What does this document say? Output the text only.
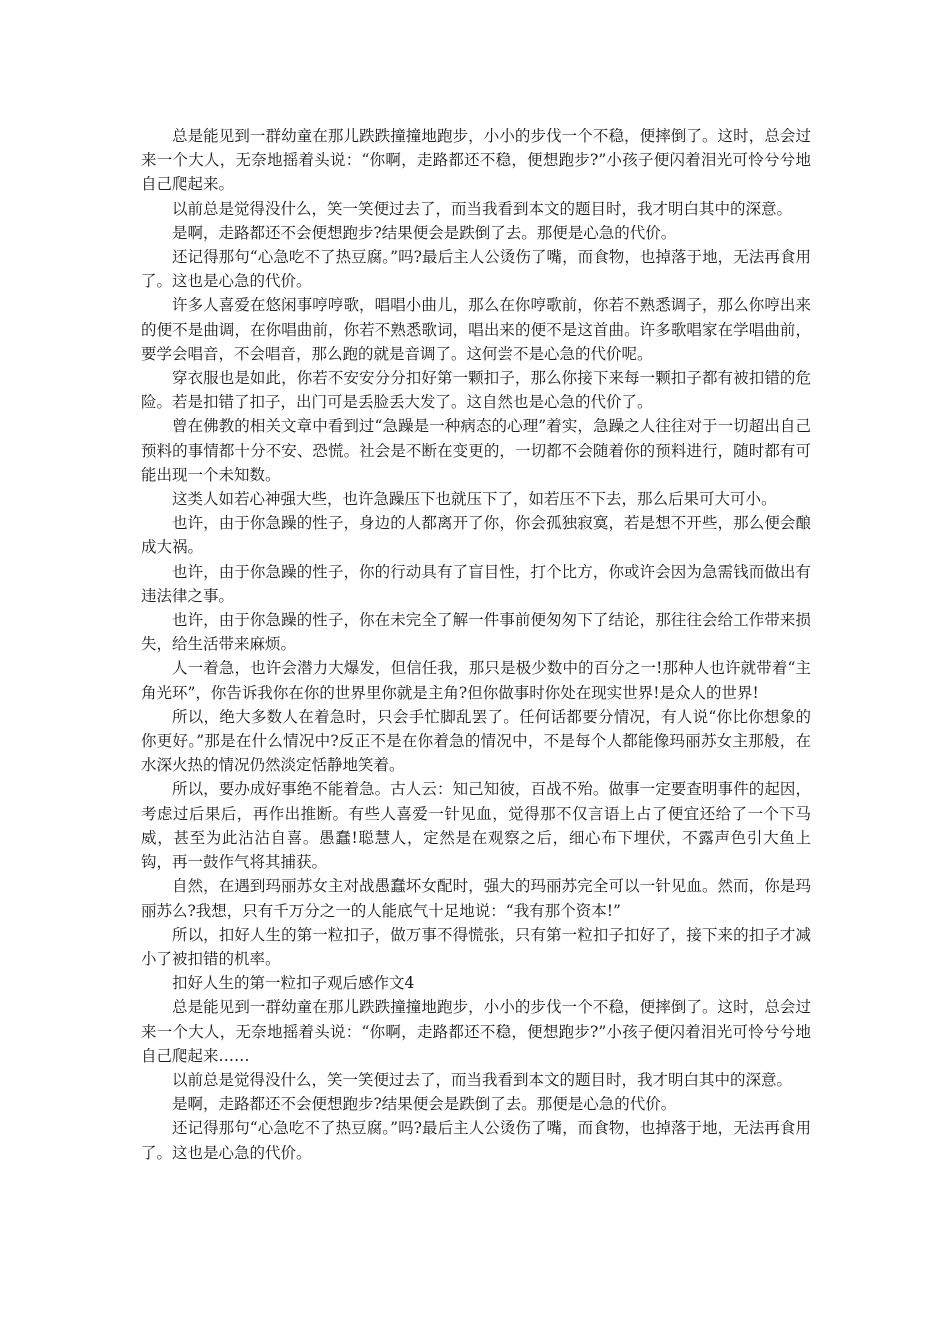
总是能见到一群幼童在那儿跌跌撞撞地跑步，小小的步伐一个不稳，便摔倒了。这时，总会过来一个大人，无奈地摇着头说：“你啊，走路都还不稳，便想跑步?”小孩子便闪着泪光可怜兮兮地自己爬起来。

以前总是觉得没什么，笑一笑便过去了，而当我看到本文的题目时，我才明白其中的深意。

是啊，走路都还不会便想跑步?结果便会是跌倒了去。那便是心急的代价。

还记得那句“心急吃不了热豆腐。”吗?最后主人公烫伤了嘴，而食物，也掉落于地，无法再食用了。这也是心急的代价。

许多人喜爱在悠闲事哼哼歌，唱唱小曲儿，那么在你哼歌前，你若不熟悉调子，那么你哼出来的便不是曲调，在你唱曲前，你若不熟悉歌词，唱出来的便不是这首曲。许多歌唱家在学唱曲前，要学会唱音，不会唱音，那么跑的就是音调了。这何尝不是心急的代价呢。

穿衣服也是如此，你若不安安分分扣好第一颗扣子，那么你接下来每一颗扣子都有被扣错的危险。若是扣错了扣子，出门可是丢脸丢大发了。这自然也是心急的代价了。

曾在佛教的相关文章中看到过“急躁是一种病态的心理”着实，急躁之人往往对于一切超出自己预料的事情都十分不安、恐慌。社会是不断在变更的，一切都不会随着你的预料进行，随时都有可能出现一个未知数。

这类人如若心神强大些，也许急躁压下也就压下了，如若压不下去，那么后果可大可小。

也许，由于你急躁的性子，身边的人都离开了你，你会孤独寂寞，若是想不开些，那么便会酿成大祸。

也许，由于你急躁的性子，你的行动具有了盲目性，打个比方，你或许会因为急需钱而做出有违法律之事。

也许，由于你急躁的性子，你在未完全了解一件事前便匆匆下了结论，那往往会给工作带来损失，给生活带来麻烦。

人一着急，也许会潜力大爆发，但信任我，那只是极少数中的百分之一!那种人也许就带着“主角光环”，你告诉我你在你的世界里你就是主角?但你做事时你处在现实世界!是众人的世界!

所以，绝大多数人在着急时，只会手忙脚乱罢了。任何话都要分情况，有人说“你比你想象的你更好。”那是在什么情况中?反正不是在你着急的情况中，不是每个人都能像玛丽苏女主那般，在水深火热的情况仍然淡定恬静地笑着。

所以，要办成好事绝不能着急。古人云：知己知彼，百战不殆。做事一定要查明事件的起因，考虑过后果后，再作出推断。有些人喜爱一针见血，觉得那不仅言语上占了便宜还给了一个下马威，甚至为此沾沾自喜。愚蠢!聪慧人，定然是在观察之后，细心布下埋伏，不露声色引大鱼上钩，再一鼓作气将其捕获。

自然，在遇到玛丽苏女主对战愚蠢坏女配时，强大的玛丽苏完全可以一针见血。然而，你是玛丽苏么?我想，只有千万分之一的人能底气十足地说：“我有那个资本!”

所以，扣好人生的第一粒扣子，做万事不得慌张，只有第一粒扣子扣好了，接下来的扣子才减小了被扣错的机率。

扣好人生的第一粒扣子观后感作文4

总是能见到一群幼童在那儿跌跌撞撞地跑步，小小的步伐一个不稳，便摔倒了。这时，总会过来一个大人，无奈地摇着头说：“你啊，走路都还不稳，便想跑步?”小孩子便闪着泪光可怜兮兮地自己爬起来……

以前总是觉得没什么，笑一笑便过去了，而当我看到本文的题目时，我才明白其中的深意。

是啊，走路都还不会便想跑步?结果便会是跌倒了去。那便是心急的代价。

还记得那句“心急吃不了热豆腐。”吗?最后主人公烫伤了嘴，而食物，也掉落于地，无法再食用了。这也是心急的代价。
